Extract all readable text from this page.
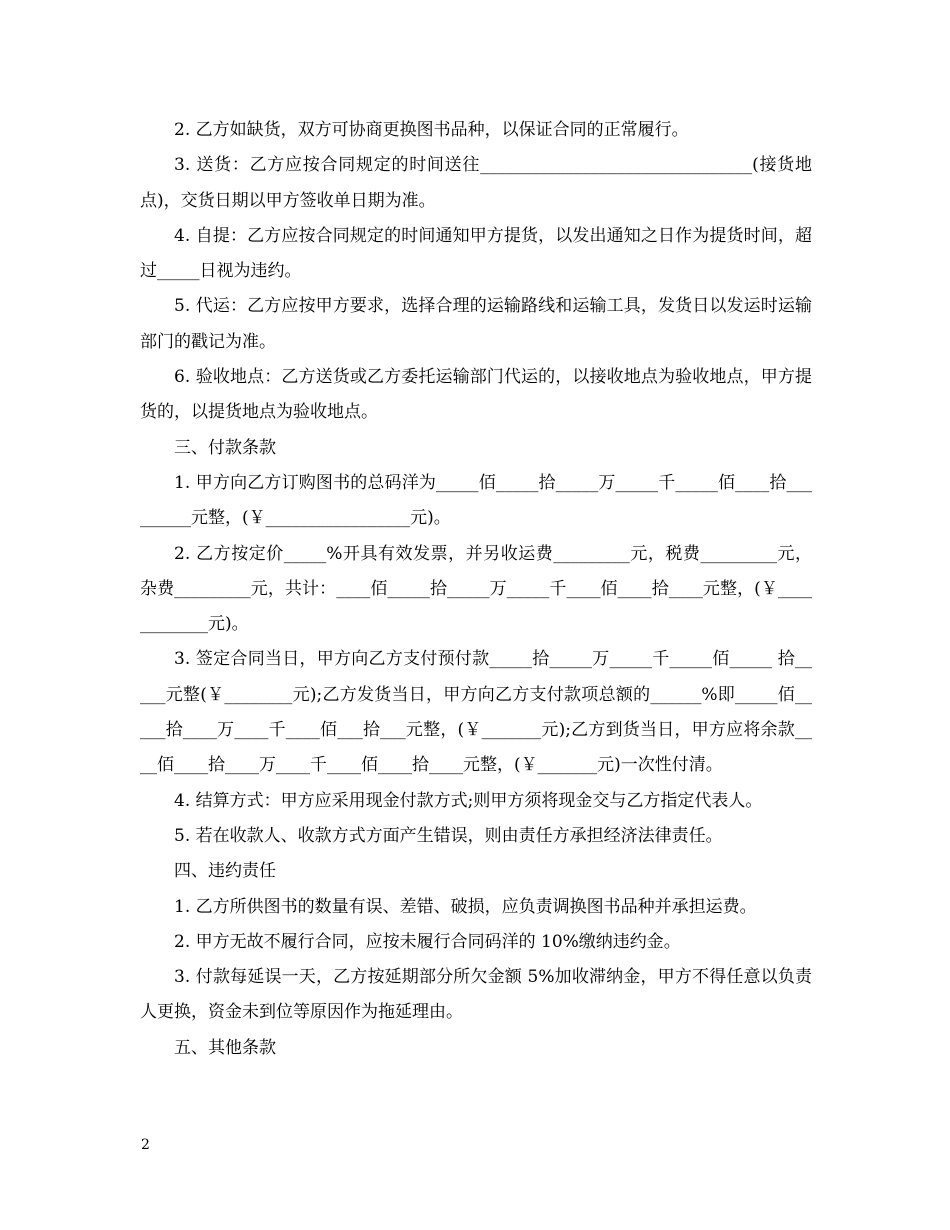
2. 乙方如缺货，双方可协商更换图书品种，以保证合同的正常履行。

3. 送货：乙方应按合同规定的时间送往________________________________(接货地点)，交货日期以甲方签收单日期为准。

4. 自提：乙方应按合同规定的时间通知甲方提货，以发出通知之日作为提货时间，超过_____日视为违约。

5. 代运：乙方应按甲方要求，选择合理的运输路线和运输工具，发货日以发运时运输部门的戳记为准。

6. 验收地点：乙方送货或乙方委托运输部门代运的，以接收地点为验收地点，甲方提货的，以提货地点为验收地点。

三、付款条款

1. 甲方向乙方订购图书的总码洋为_____佰_____拾_____万_____千_____佰____拾_________元整，(￥_________________元)。

2. 乙方按定价_____%开具有效发票，并另收运费_________元，税费_________元，杂费_________元，共计：____佰_____拾_____万_____千____佰____拾____元整，(￥____________元)。

3. 签定合同当日，甲方向乙方支付预付款_____拾_____万_____千_____佰_____ 拾_____元整(￥________元);乙方发货当日，甲方向乙方支付款项总额的______%即_____佰_____拾____万____千____佰___拾___元整，(￥_______元);乙方到货当日，甲方应将余款____佰____拾____万____千____佰____拾____元整，(￥_______元)一次性付清。

4. 结算方式：甲方应采用现金付款方式;则甲方须将现金交与乙方指定代表人。

5. 若在收款人、收款方式方面产生错误，则由责任方承担经济法律责任。

四、违约责任

1. 乙方所供图书的数量有误、差错、破损，应负责调换图书品种并承担运费。

2. 甲方无故不履行合同，应按未履行合同码洋的 10%缴纳违约金。

3. 付款每延误一天，乙方按延期部分所欠金额 5%加收滞纳金，甲方不得任意以负责人更换，资金未到位等原因作为拖延理由。

五、其他条款

2
